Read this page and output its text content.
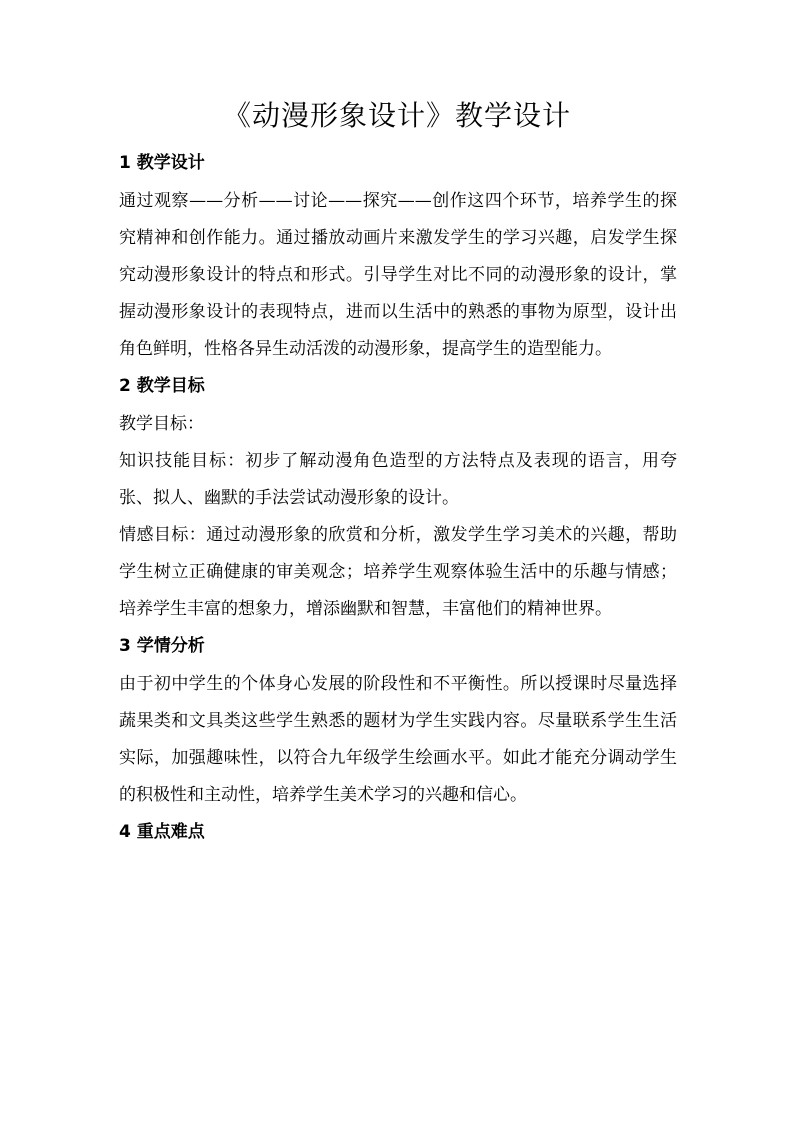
《动漫形象设计》教学设计

1 教学设计

通过观察——分析——讨论——探究——创作这四个环节，培养学生的探究精神和创作能力。通过播放动画片来激发学生的学习兴趣，启发学生探究动漫形象设计的特点和形式。引导学生对比不同的动漫形象的设计，掌握动漫形象设计的表现特点，进而以生活中的熟悉的事物为原型，设计出角色鲜明，性格各异生动活泼的动漫形象，提高学生的造型能力。

2 教学目标

教学目标：

知识技能目标：初步了解动漫角色造型的方法特点及表现的语言，用夸张、拟人、幽默的手法尝试动漫形象的设计。

情感目标：通过动漫形象的欣赏和分析，激发学生学习美术的兴趣，帮助学生树立正确健康的审美观念；培养学生观察体验生活中的乐趣与情感；培养学生丰富的想象力，增添幽默和智慧，丰富他们的精神世界。

3 学情分析

由于初中学生的个体身心发展的阶段性和不平衡性。所以授课时尽量选择蔬果类和文具类这些学生熟悉的题材为学生实践内容。尽量联系学生生活实际，加强趣味性，以符合九年级学生绘画水平。如此才能充分调动学生的积极性和主动性，培养学生美术学习的兴趣和信心。

4 重点难点
